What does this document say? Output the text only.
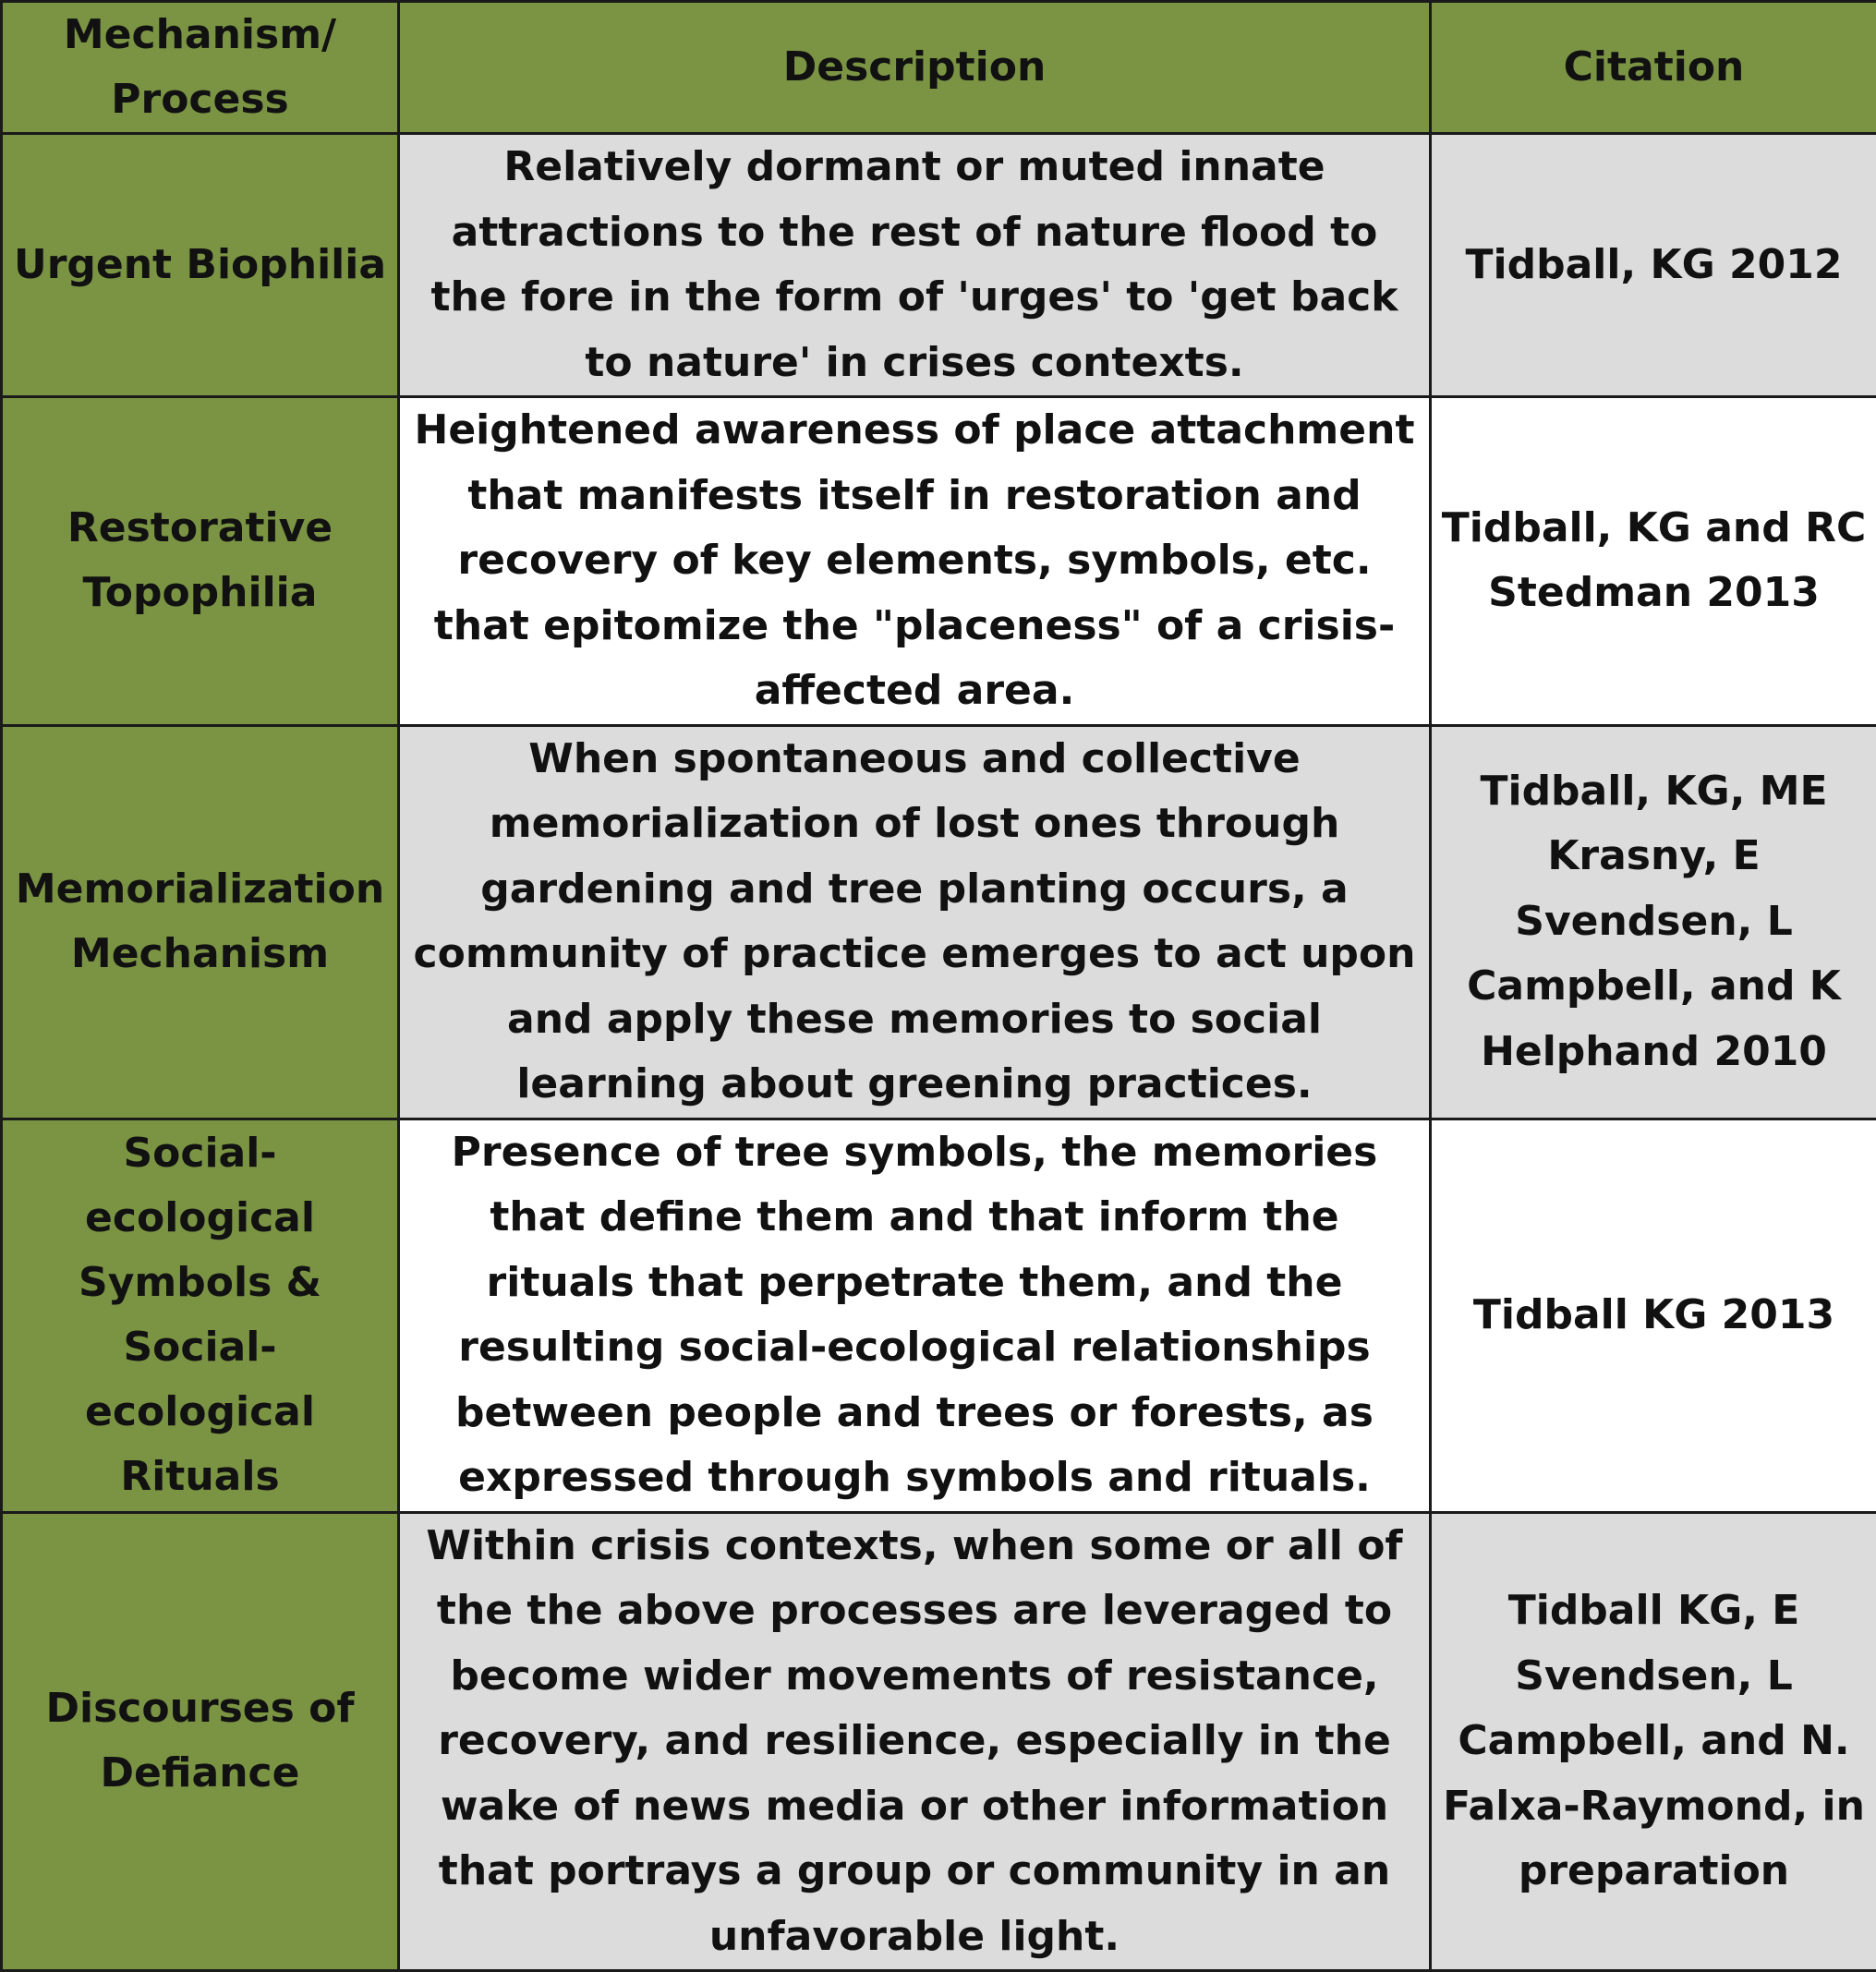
Mechanism/ Process	Description	Citation
Urgent Biophilia	Relatively dormant or muted innate attractions to the rest of nature flood to the fore in the form of 'urges' to 'get back to nature' in crises contexts.	Tidball, KG 2012
Restorative Topophilia	Heightened awareness of place attachment that manifests itself in restoration and recovery of key elements, symbols, etc. that epitomize the "placeness" of a crisis-affected area.	Tidball, KG and RC Stedman 2013
Memorialization Mechanism	When spontaneous and collective memorialization of lost ones through gardening and tree planting occurs, a community of practice emerges to act upon and apply these memories to social learning about greening practices.	Tidball, KG, ME Krasny, E Svendsen, L Campbell, and K Helphand 2010
Social-ecological Symbols & Social-ecological Rituals	Presence of tree symbols, the memories that define them and that inform the rituals that perpetrate them, and the resulting social-ecological relationships between people and trees or forests, as expressed through symbols and rituals.	Tidball KG 2013
Discourses of Defiance	Within crisis contexts, when some or all of the the above processes are leveraged to become wider movements of resistance, recovery, and resilience, especially in the wake of news media or other information that portrays a group or community in an unfavorable light.	Tidball KG, E Svendsen, L Campbell, and N. Falxa-Raymond, in preparation
